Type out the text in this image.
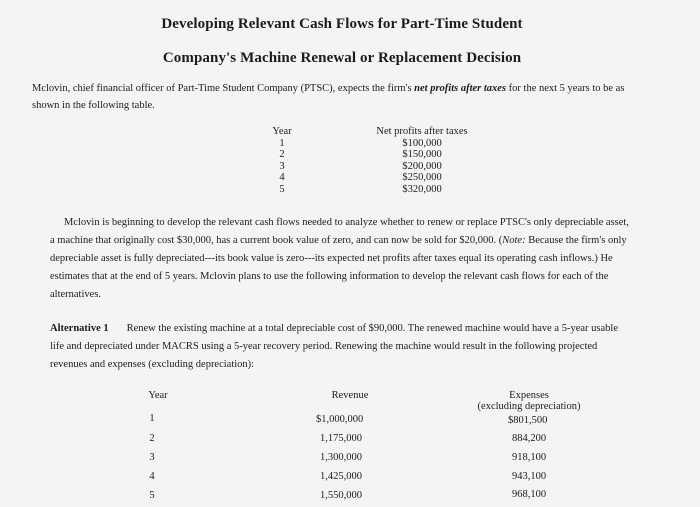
Developing Relevant Cash Flows for Part-Time Student
Company's Machine Renewal or Replacement Decision
Mclovin, chief financial officer of Part-Time Student Company (PTSC), expects the firm's net profits after taxes for the next 5 years to be as shown in the following table.
Year
1
2
3
4
5
Net profits after taxes
$100,000
$150,000
$200,000
$250,000
$320,000
Mclovin is beginning to develop the relevant cash flows needed to analyze whether to renew or replace PTSC's only depreciable asset, a machine that originally cost $30,000, has a current book value of zero, and can now be sold for $20,000. (Note: Because the firm's only depreciable asset is fully depreciated---its book value is zero---its expected net profits after taxes equal its operating cash inflows.) He estimates that at the end of 5 years. Mclovin plans to use the following information to develop the relevant cash flows for each of the alternatives.
Alternative 1 Renew the existing machine at a total depreciable cost of $90,000. The renewed machine would have a 5-year usable life and depreciated under MACRS using a 5-year recovery period. Renewing the machine would result in the following projected revenues and expenses (excluding depreciation):
Year	Revenue	Expenses
(excluding depreciation)
1
2
3
4
5
$1,000,000
1,175,000
1,300,000
1,425,000
1,550,000
$801,500
884,200
918,100
943,100
968,100
